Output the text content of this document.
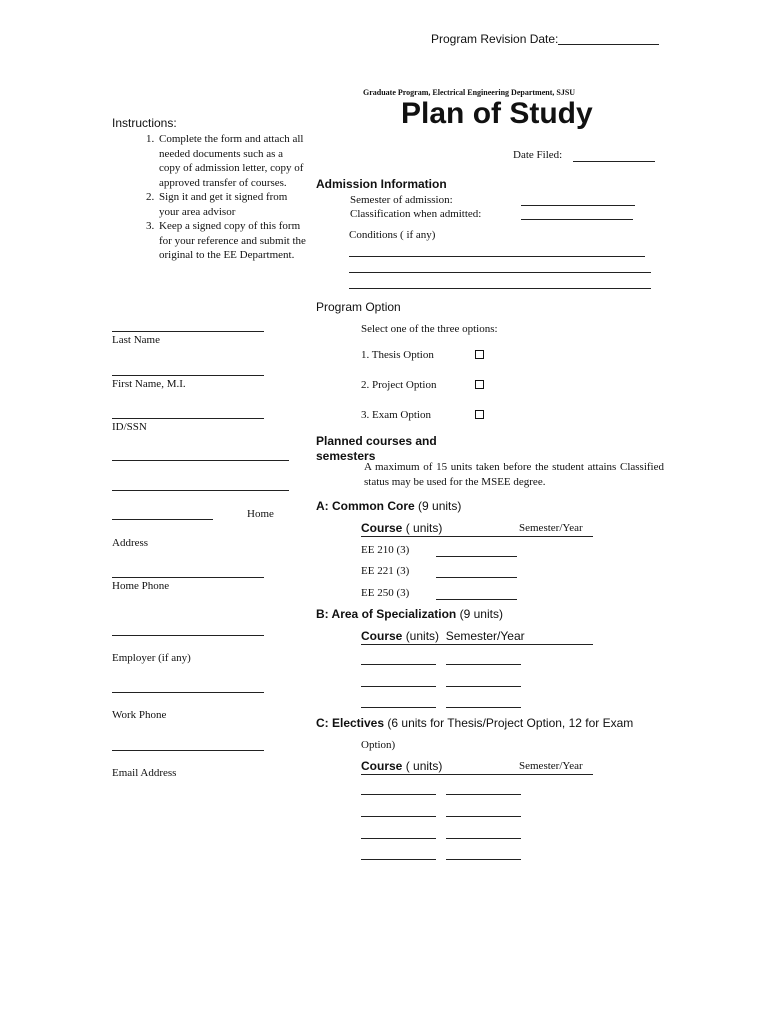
Program Revision Date:
Graduate Program, Electrical Engineering Department, SJSU
Plan of Study
Date Filed:
Instructions:
1. Complete the form and attach all needed documents such as a copy of admission letter, copy of approved transfer of courses.
2. Sign it and get it signed from your area advisor
3. Keep a signed copy of this form for your reference and submit the original to the EE Department.
Last Name
First Name, M.I.
ID/SSN
Home
Address
Home Phone
Employer (if any)
Work Phone
Email Address
Admission Information
Semester of admission:
Classification when admitted:
Conditions ( if any)
Program Option
Select one of the three options:
1. Thesis Option
2. Project Option
3. Exam Option
Planned courses and
semesters
A maximum of 15 units taken before the student attains Classified status may be used for the MSEE degree.
A: Common Core (9 units)
Course ( units)	Semester/Year
EE 210 (3)
EE 221 (3)
EE 250 (3)
B: Area of Specialization (9 units)
Course (units) Semester/Year
C: Electives (6 units for Thesis/Project Option, 12 for Exam
Option)
Course ( units)	Semester/Year
